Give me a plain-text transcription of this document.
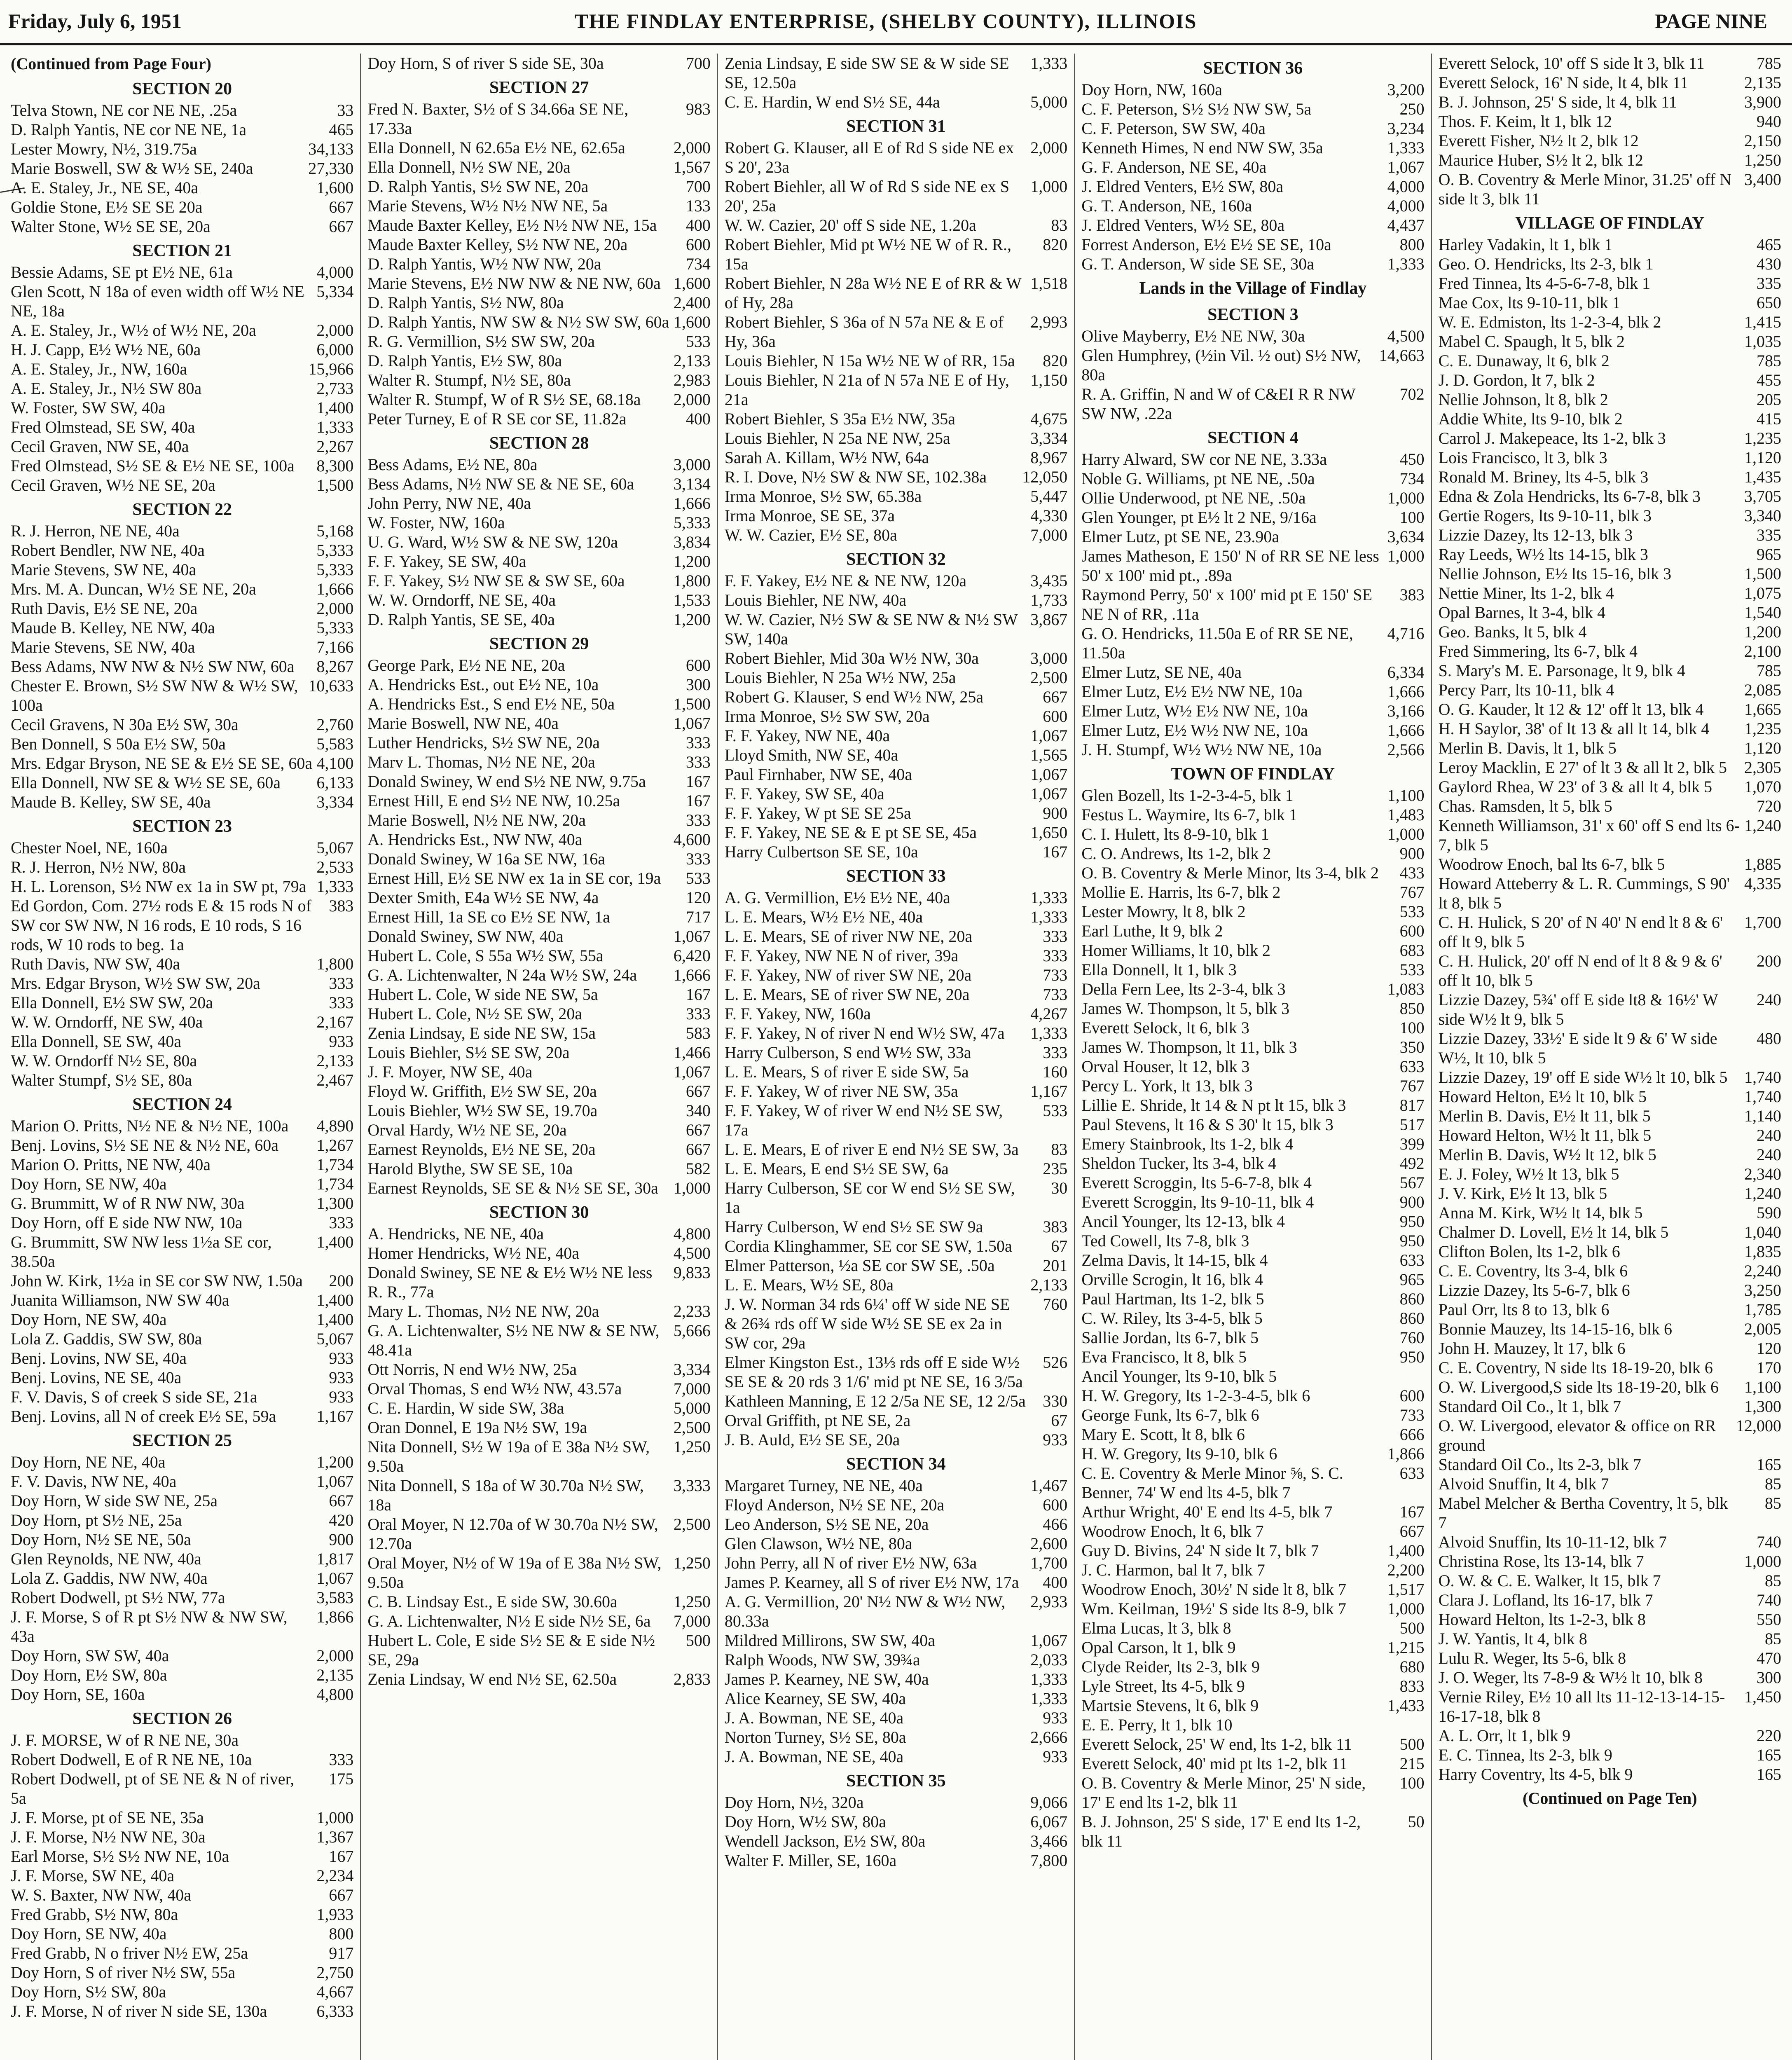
Friday, July 6, 1951	THE FINDLAY ENTERPRISE, (SHELBY COUNTY), ILLINOIS	PAGE NINE
(Continued from Page Four)
SECTION 20
Telva Stown, NE cor NE NE, .25a	33
D. Ralph Yantis, NE cor NE NE, 1a	465
Lester Mowry, N½, 319.75a	34,133
Marie Boswell, SW & W½ SE, 240a	27,330
A. E. Staley, Jr., NE SE, 40a	1,600
Goldie Stone, E½ SE SE 20a	667
Walter Stone, W½ SE SE, 20a	667
SECTION 21
Bessie Adams, SE pt E½ NE, 61a	4,000
Glen Scott, N 18a of even width off W½ NE NE, 18a
5,334
A. E. Staley, Jr., W½ of W½ NE, 20a	2,000
H. J. Capp, E½ W½ NE, 60a	6,000
A. E. Staley, Jr., NW, 160a	15,966
A. E. Staley, Jr., N½ SW 80a	2,733
W. Foster, SW SW, 40a	1,400
Fred Olmstead, SE SW, 40a	1,333
Cecil Graven, NW SE, 40a	2,267
Fred Olmstead, S½ SE & E½ NE SE, 100a	8,300
Cecil Graven, W½ NE SE, 20a	1,500
SECTION 22
R. J. Herron, NE NE, 40a	5,168
Robert Bendler, NW NE, 40a	5,333
Marie Stevens, SW NE, 40a	5,333
Mrs. M. A. Duncan, W½ SE NE, 20a	1,666
Ruth Davis, E½ SE NE, 20a	2,000
Maude B. Kelley, NE NW, 40a	5,333
Marie Stevens, SE NW, 40a	7,166
Bess Adams, NW NW & N½ SW NW, 60a	8,267
Chester E. Brown, S½ SW NW & W½ SW, 100a
10,633
Cecil Gravens, N 30a E½ SW, 30a	2,760
Ben Donnell, S 50a E½ SW, 50a	5,583
Mrs. Edgar Bryson, NE SE & E½ SE SE, 60a 4,100
Ella Donnell, NW SE & W½ SE SE, 60a	6,133
Maude B. Kelley, SW SE, 40a	3,334
SECTION 23
Chester Noel, NE, 160a	5,067
R. J. Herron, N½ NW, 80a	2,533
H. L. Lorenson, S½ NW ex 1a in SW pt, 79a 1,333
Ed Gordon, Com. 27½ rods E & 15 rods N of SW cor SW NW, N 16 rods, E 10 rods, S 16 rods, W 10 rods to beg. 1a
383
Ruth Davis, NW SW, 40a	1,800
Mrs. Edgar Bryson, W½ SW SW, 20a	333
Ella Donnell, E½ SW SW, 20a	333
W. W. Orndorff, NE SW, 40a	2,167
Ella Donnell, SE SW, 40a	933
W. W. Orndorff N½ SE, 80a	2,133
Walter Stumpf, S½ SE, 80a	2,467
SECTION 24
Marion O. Pritts, N½ NE & N½ NE, 100a	4,890
Benj. Lovins, S½ SE NE & N½ NE, 60a	1,267
Marion O. Pritts, NE NW, 40a	1,734
Doy Horn, SE NW, 40a	1,734
G. Brummitt, W of R NW NW, 30a	1,300
Doy Horn, off E side NW NW, 10a	333
G. Brummitt, SW NW less 1½a SE cor, 38.50a
1,400
John W. Kirk, 1½a in SE cor SW NW, 1.50a	200
Juanita Williamson, NW SW 40a	1,400
Doy Horn, NE SW, 40a	1,400
Lola Z. Gaddis, SW SW, 80a	5,067
Benj. Lovins, NW SE, 40a	933
Benj. Lovins, NE SE, 40a	933
F. V. Davis, S of creek S side SE, 21a	933
Benj. Lovins, all N of creek E½ SE, 59a	1,167
SECTION 25
Doy Horn, NE NE, 40a	1,200
F. V. Davis, NW NE, 40a	1,067
Doy Horn, W side SW NE, 25a	667
Doy Horn, pt S½ NE, 25a	420
Doy Horn, N½ SE NE, 50a	900
Glen Reynolds, NE NW, 40a	1,817
Lola Z. Gaddis, NW NW, 40a	1,067
Robert Dodwell, pt S½ NW, 77a	3,583
J. F. Morse, S of R pt S½ NW & NW SW, 43a
1,866
Doy Horn, SW SW, 40a	2,000
Doy Horn, E½ SW, 80a	2,135
Doy Horn, SE, 160a	4,800
SECTION 26
J. F. MORSE, W of R NE NE, 30a
Robert Dodwell, E of R NE NE, 10a	333
Robert Dodwell, pt of SE NE & N of river, 5a
175
J. F. Morse, pt of SE NE, 35a	1,000
J. F. Morse, N½ NW NE, 30a	1,367
Earl Morse, S½ S½ NW NE, 10a	167
J. F. Morse, SW NE, 40a	2,234
W. S. Baxter, NW NW, 40a	667
Fred Grabb, S½ NW, 80a	1,933
Doy Horn, SE NW, 40a	800
Fred Grabb, N o friver N½ EW, 25a	917
Doy Horn, S of river N½ SW, 55a	2,750
Doy Horn, S½ SW, 80a	4,667
J. F. Morse, N of river N side SE, 130a	6,333
Doy Horn, S of river S side SE, 30a	700
SECTION 27
Fred N. Baxter, S½ of S 34.66a SE NE, 17.33a
983
Ella Donnell, N 62.65a E½ NE, 62.65a	2,000
Ella Donnell, N½ SW NE, 20a	1,567
D. Ralph Yantis, S½ SW NE, 20a	700
Marie Stevens, W½ N½ NW NE, 5a	133
Maude Baxter Kelley, E½ N½ NW NE, 15a	400
Maude Baxter Kelley, S½ NW NE, 20a	600
D. Ralph Yantis, W½ NW NW, 20a	734
Marie Stevens, E½ NW NW & NE NW, 60a 1,600
D. Ralph Yantis, S½ NW, 80a	2,400
D. Ralph Yantis, NW SW & N½ SW SW, 60a 1,600
R. G. Vermillion, S½ SW SW, 20a	533
D. Ralph Yantis, E½ SW, 80a	2,133
Walter R. Stumpf, N½ SE, 80a	2,983
Walter R. Stumpf, W of R S½ SE, 68.18a	2,000
Peter Turney, E of R SE cor SE, 11.82a	400
SECTION 28
Bess Adams, E½ NE, 80a	3,000
Bess Adams, N½ NW SE & NE SE, 60a	3,134
John Perry, NW NE, 40a	1,666
W. Foster, NW, 160a	5,333
U. G. Ward, W½ SW & NE SW, 120a	3,834
F. F. Yakey, SE SW, 40a	1,200
F. F. Yakey, S½ NW SE & SW SE, 60a	1,800
W. W. Orndorff, NE SE, 40a	1,533
D. Ralph Yantis, SE SE, 40a	1,200
SECTION 29
George Park, E½ NE NE, 20a	600
A. Hendricks Est., out E½ NE, 10a	300
A. Hendricks Est., S end E½ NE, 50a	1,500
Marie Boswell, NW NE, 40a	1,067
Luther Hendricks, S½ SW NE, 20a	333
Marv L. Thomas, N½ NE NE, 20a	333
Donald Swiney, W end S½ NE NW, 9.75a	167
Ernest Hill, E end S½ NE NW, 10.25a	167
Marie Boswell, N½ NE NW, 20a	333
A. Hendricks Est., NW NW, 40a	4,600
Donald Swiney, W 16a SE NW, 16a	333
Ernest Hill, E½ SE NW ex 1a in SE cor, 19a	533
Dexter Smith, E4a W½ SE NW, 4a	120
Ernest Hill, 1a SE co E½ SE NW, 1a	717
Donald Swiney, SW NW, 40a	1,067
Hubert L. Cole, S 55a W½ SW, 55a	6,420
G. A. Lichtenwalter, N 24a W½ SW, 24a	1,666
Hubert L. Cole, W side NE SW, 5a	167
Hubert L. Cole, N½ SE SW, 20a	333
Zenia Lindsay, E side NE SW, 15a	583
Louis Biehler, S½ SE SW, 20a	1,466
J. F. Moyer, NW SE, 40a	1,067
Floyd W. Griffith, E½ SW SE, 20a	667
Louis Biehler, W½ SW SE, 19.70a	340
Orval Hardy, W½ NE SE, 20a	667
Earnest Reynolds, E½ NE SE, 20a	667
Harold Blythe, SW SE SE, 10a	582
Earnest Reynolds, SE SE & N½ SE SE, 30a 1,000
SECTION 30
A. Hendricks, NE NE, 40a	4,800
Homer Hendricks, W½ NE, 40a	4,500
Donald Swiney, SE NE & E½ W½ NE less R. R., 77a
9,833
Mary L. Thomas, N½ NE NW, 20a	2,233
G. A. Lichtenwalter, S½ NE NW & SE NW, 48.41a
5,666
Ott Norris, N end W½ NW, 25a	3,334
Orval Thomas, S end W½ NW, 43.57a	7,000
C. E. Hardin, W side SW, 38a	5,000
Oran Donnel, E 19a N½ SW, 19a	2,500
Nita Donnell, S½ W 19a of E 38a N½ SW, 9.50a
1,250
Nita Donnell, S 18a of W 30.70a N½ SW, 18a
3,333
Oral Moyer, N 12.70a of W 30.70a N½ SW, 12.70a
2,500
Oral Moyer, N½ of W 19a of E 38a N½ SW, 9.50a
1,250
C. B. Lindsay Est., E side SW, 30.60a	1,250
G. A. Lichtenwalter, N½ E side N½ SE, 6a	7,000
Hubert L. Cole, E side S½ SE & E side N½ SE, 29a
500
Zenia Lindsay, W end N½ SE, 62.50a	2,833
Zenia Lindsay, E side SW SE & W side SE SE, 12.50a
1,333
C. E. Hardin, W end S½ SE, 44a	5,000
SECTION 31
Robert G. Klauser, all E of Rd S side NE ex S 20', 23a
2,000
Robert Biehler, all W of Rd S side NE ex S 20', 25a
1,000
W. W. Cazier, 20' off S side NE, 1.20a	83
Robert Biehler, Mid pt W½ NE W of R. R., 15a
820
Robert Biehler, N 28a W½ NE E of RR & W of Hy, 28a
1,518
Robert Biehler, S 36a of N 57a NE & E of Hy, 36a
2,993
Louis Biehler, N 15a W½ NE W of RR, 15a	820
Louis Biehler, N 21a of N 57a NE E of Hy, 21a
1,150
Robert Biehler, S 35a E½ NW, 35a	4,675
Louis Biehler, N 25a NE NW, 25a	3,334
Sarah A. Killam, W½ NW, 64a	8,967
R. I. Dove, N½ SW & NW SE, 102.38a	12,050
Irma Monroe, S½ SW, 65.38a	5,447
Irma Monroe, SE SE, 37a	4,330
W. W. Cazier, E½ SE, 80a	7,000
SECTION 32
F. F. Yakey, E½ NE & NE NW, 120a	3,435
Louis Biehler, NE NW, 40a	1,733
W. W. Cazier, N½ SW & SE NW & N½ SW SW, 140a
3,867
Robert Biehler, Mid 30a W½ NW, 30a	3,000
Louis Biehler, N 25a W½ NW, 25a	2,500
Robert G. Klauser, S end W½ NW, 25a	667
Irma Monroe, S½ SW SW, 20a	600
F. F. Yakey, NW NE, 40a	1,067
Lloyd Smith, NW SE, 40a	1,565
Paul Firnhaber, NW SE, 40a	1,067
F. F. Yakey, SW SE, 40a	1,067
F. F. Yakey, W pt SE SE 25a	900
F. F. Yakey, NE SE & E pt SE SE, 45a	1,650
Harry Culbertson SE SE, 10a	167
SECTION 33
A. G. Vermillion, E½ E½ NE, 40a	1,333
L. E. Mears, W½ E½ NE, 40a	1,333
L. E. Mears, SE of river NW NE, 20a	333
F. F. Yakey, NW NE N of river, 39a	333
F. F. Yakey, NW of river SW NE, 20a	733
L. E. Mears, SE of river SW NE, 20a	733
F. F. Yakey, NW, 160a	4,267
F. F. Yakey, N of river N end W½ SW, 47a	1,333
Harry Culberson, S end W½ SW, 33a	333
L. E. Mears, S of river E side SW, 5a	160
F. F. Yakey, W of river NE SW, 35a	1,167
F. F. Yakey, W of river W end N½ SE SW, 17a
533
L. E. Mears, E of river E end N½ SE SW, 3a	83
L. E. Mears, E end S½ SE SW, 6a	235
Harry Culberson, SE cor W end S½ SE SW, 1a
30
Harry Culberson, W end S½ SE SW 9a	383
Cordia Klinghammer, SE cor SE SW, 1.50a	67
Elmer Patterson, ½a SE cor SW SE, .50a	201
L. E. Mears, W½ SE, 80a	2,133
J. W. Norman 34 rds 6¼' off W side NE SE & 26¾ rds off W side W½ SE SE ex 2a in SW cor, 29a
760
Elmer Kingston Est., 13⅓ rds off E side W½ SE SE & 20 rds 3 1/6' mid pt NE SE, 16 3/5a
526
Kathleen Manning, E 12 2/5a NE SE, 12 2/5a	330
Orval Griffith, pt NE SE, 2a	67
J. B. Auld, E½ SE SE, 20a	933
SECTION 34
Margaret Turney, NE NE, 40a	1,467
Floyd Anderson, N½ SE NE, 20a	600
Leo Anderson, S½ SE NE, 20a	466
Glen Clawson, W½ NE, 80a	2,600
John Perry, all N of river E½ NW, 63a	1,700
James P. Kearney, all S of river E½ NW, 17a	400
A. G. Vermillion, 20' N½ NW & W½ NW, 80.33a
2,933
Mildred Millirons, SW SW, 40a	1,067
Ralph Woods, NW SW, 39¾a	2,033
James P. Kearney, NE SW, 40a	1,333
Alice Kearney, SE SW, 40a	1,333
J. A. Bowman, NE SE, 40a	933
Norton Turney, S½ SE, 80a	2,666
J. A. Bowman, NE SE, 40a	933
SECTION 35
Doy Horn, N½, 320a	9,066
Doy Horn, W½ SW, 80a	6,067
Wendell Jackson, E½ SW, 80a	3,466
Walter F. Miller, SE, 160a	7,800
SECTION 36
Doy Horn, NW, 160a	3,200
C. F. Peterson, S½ S½ NW SW, 5a	250
C. F. Peterson, SW SW, 40a	3,234
Kenneth Himes, N end NW SW, 35a	1,333
G. F. Anderson, NE SE, 40a	1,067
J. Eldred Venters, E½ SW, 80a	4,000
G. T. Anderson, NE, 160a	4,000
J. Eldred Venters, W½ SE, 80a	4,437
Forrest Anderson, E½ E½ SE SE, 10a	800
G. T. Anderson, W side SE SE, 30a	1,333
Lands in the Village of Findlay
SECTION 3
Olive Mayberry, E½ NE NW, 30a	4,500
Glen Humphrey, (½in Vil. ½ out) S½ NW, 80a
14,663
R. A. Griffin, N and W of C&EI R R NW SW NW, .22a
702
SECTION 4
Harry Alward, SW cor NE NE, 3.33a	450
Noble G. Williams, pt NE NE, .50a	734
Ollie Underwood, pt NE NE, .50a	1,000
Glen Younger, pt E½ lt 2 NE, 9/16a	100
Elmer Lutz, pt SE NE, 23.90a	3,634
James Matheson, E 150' N of RR SE NE less 50' x 100' mid pt., .89a
1,000
Raymond Perry, 50' x 100' mid pt E 150' SE NE N of RR, .11a
383
G. O. Hendricks, 11.50a E of RR SE NE, 11.50a
4,716
Elmer Lutz, SE NE, 40a	6,334
Elmer Lutz, E½ E½ NW NE, 10a	1,666
Elmer Lutz, W½ E½ NW NE, 10a	3,166
Elmer Lutz, E½ W½ NW NE, 10a	1,666
J. H. Stumpf, W½ W½ NW NE, 10a	2,566
TOWN OF FINDLAY
Glen Bozell, lts 1-2-3-4-5, blk 1	1,100
Festus L. Waymire, lts 6-7, blk 1	1,483
C. I. Hulett, lts 8-9-10, blk 1	1,000
C. O. Andrews, lts 1-2, blk 2	900
O. B. Coventry & Merle Minor, lts 3-4, blk 2	433
Mollie E. Harris, lts 6-7, blk 2	767
Lester Mowry, lt 8, blk 2	533
Earl Luthe, lt 9, blk 2	600
Homer Williams, lt 10, blk 2	683
Ella Donnell, lt 1, blk 3	533
Della Fern Lee, lts 2-3-4, blk 3	1,083
James W. Thompson, lt 5, blk 3	850
Everett Selock, lt 6, blk 3	100
James W. Thompson, lt 11, blk 3	350
Orval Houser, lt 12, blk 3	633
Percy L. York, lt 13, blk 3	767
Lillie E. Shride, lt 14 & N pt lt 15, blk 3	817
Paul Stevens, lt 16 & S 30' lt 15, blk 3	517
Emery Stainbrook, lts 1-2, blk 4	399
Sheldon Tucker, lts 3-4, blk 4	492
Everett Scroggin, lts 5-6-7-8, blk 4	567
Everett Scroggin, lts 9-10-11, blk 4	900
Ancil Younger, lts 12-13, blk 4	950
Ted Cowell, lts 7-8, blk 3	950
Zelma Davis, lt 14-15, blk 4	633
Orville Scrogin, lt 16, blk 4	965
Paul Hartman, lts 1-2, blk 5	860
C. W. Riley, lts 3-4-5, blk 5	860
Sallie Jordan, lts 6-7, blk 5	760
Eva Francisco, lt 8, blk 5	950
Ancil Younger, lts 9-10, blk 5
H. W. Gregory, lts 1-2-3-4-5, blk 6	600
George Funk, lts 6-7, blk 6	733
Mary E. Scott, lt 8, blk 6	666
H. W. Gregory, lts 9-10, blk 6	1,866
C. E. Coventry & Merle Minor ⅝, S. C. Benner, 74' W end lts 4-5, blk 7
633
Arthur Wright, 40' E end lts 4-5, blk 7	167
Woodrow Enoch, lt 6, blk 7	667
Guy D. Bivins, 24' N side lt 7, blk 7	1,400
J. C. Harmon, bal lt 7, blk 7	2,200
Woodrow Enoch, 30½' N side lt 8, blk 7	1,517
Wm. Keilman, 19½' S side lts 8-9, blk 7	1,000
Elma Lucas, lt 3, blk 8	500
Opal Carson, lt 1, blk 9	1,215
Clyde Reider, lts 2-3, blk 9	680
Lyle Street, lts 4-5, blk 9	833
Martsie Stevens, lt 6, blk 9	1,433
E. E. Perry, lt 1, blk 10
Everett Selock, 25' W end, lts 1-2, blk 11	500
Everett Selock, 40' mid pt lts 1-2, blk 11	215
O. B. Coventry & Merle Minor, 25' N side, 17' E end lts 1-2, blk 11
100
B. J. Johnson, 25' S side, 17' E end lts 1-2, blk 11
50
Everett Selock, 10' off S side lt 3, blk 11	785
Everett Selock, 16' N side, lt 4, blk 11	2,135
B. J. Johnson, 25' S side, lt 4, blk 11	3,900
Thos. F. Keim, lt 1, blk 12	940
Everett Fisher, N½ lt 2, blk 12	2,150
Maurice Huber, S½ lt 2, blk 12	1,250
O. B. Coventry & Merle Minor, 31.25' off N side lt 3, blk 11
3,400
VILLAGE OF FINDLAY
Harley Vadakin, lt 1, blk 1	465
Geo. O. Hendricks, lts 2-3, blk 1	430
Fred Tinnea, lts 4-5-6-7-8, blk 1	335
Mae Cox, lts 9-10-11, blk 1	650
W. E. Edmiston, lts 1-2-3-4, blk 2	1,415
Mabel C. Spaugh, lt 5, blk 2	1,035
C. E. Dunaway, lt 6, blk 2	785
J. D. Gordon, lt 7, blk 2	455
Nellie Johnson, lt 8, blk 2	205
Addie White, lts 9-10, blk 2	415
Carrol J. Makepeace, lts 1-2, blk 3	1,235
Lois Francisco, lt 3, blk 3	1,120
Ronald M. Briney, lts 4-5, blk 3	1,435
Edna & Zola Hendricks, lts 6-7-8, blk 3	3,705
Gertie Rogers, lts 9-10-11, blk 3	3,340
Lizzie Dazey, lts 12-13, blk 3	335
Ray Leeds, W½ lts 14-15, blk 3	965
Nellie Johnson, E½ lts 15-16, blk 3	1,500
Nettie Miner, lts 1-2, blk 4	1,075
Opal Barnes, lt 3-4, blk 4	1,540
Geo. Banks, lt 5, blk 4	1,200
Fred Simmering, lts 6-7, blk 4	2,100
S. Mary's M. E. Parsonage, lt 9, blk 4	785
Percy Parr, lts 10-11, blk 4	2,085
O. G. Kauder, lt 12 & 12' off lt 13, blk 4	1,665
H. H Saylor, 38' of lt 13 & all lt 14, blk 4	1,235
Merlin B. Davis, lt 1, blk 5	1,120
Leroy Macklin, E 27' of lt 3 & all lt 2, blk 5	2,305
Gaylord Rhea, W 23' of 3 & all lt 4, blk 5	1,070
Chas. Ramsden, lt 5, blk 5	720
Kenneth Williamson, 31' x 60' off S end lts 6-7, blk 5
1,240
Woodrow Enoch, bal lts 6-7, blk 5	1,885
Howard Atteberry & L. R. Cummings, S 90' lt 8, blk 5
4,335
C. H. Hulick, S 20' of N 40' N end lt 8 & 6' off lt 9, blk 5
1,700
C. H. Hulick, 20' off N end of lt 8 & 9 & 6' off lt 10, blk 5
200
Lizzie Dazey, 5¾' off E side lt8 & 16½' W side W½ lt 9, blk 5
240
Lizzie Dazey, 33½' E side lt 9 & 6' W side W½, lt 10, blk 5
480
Lizzie Dazey, 19' off E side W½ lt 10, blk 5	1,740
Howard Helton, E½ lt 10, blk 5	1,740
Merlin B. Davis, E½ lt 11, blk 5	1,140
Howard Helton, W½ lt 11, blk 5	240
Merlin B. Davis, W½ lt 12, blk 5	240
E. J. Foley, W½ lt 13, blk 5	2,340
J. V. Kirk, E½ lt 13, blk 5	1,240
Anna M. Kirk, W½ lt 14, blk 5	590
Chalmer D. Lovell, E½ lt 14, blk 5	1,040
Clifton Bolen, lts 1-2, blk 6	1,835
C. E. Coventry, lts 3-4, blk 6	2,240
Lizzie Dazey, lts 5-6-7, blk 6	3,250
Paul Orr, lts 8 to 13, blk 6	1,785
Bonnie Mauzey, lts 14-15-16, blk 6	2,005
John H. Mauzey, lt 17, blk 6	120
C. E. Coventry, N side lts 18-19-20, blk 6	170
O. W. Livergood,S side lts 18-19-20, blk 6	1,100
Standard Oil Co., lt 1, blk 7	1,300
O. W. Livergood, elevator & office on RR ground
12,000
Standard Oil Co., lts 2-3, blk 7	165
Alvoid Snuffin, lt 4, blk 7	85
Mabel Melcher & Bertha Coventry, lt 5, blk 7
85
Alvoid Snuffin, lts 10-11-12, blk 7	740
Christina Rose, lts 13-14, blk 7	1,000
O. W. & C. E. Walker, lt 15, blk 7	85
Clara J. Lofland, lts 16-17, blk 7	740
Howard Helton, lts 1-2-3, blk 8	550
J. W. Yantis, lt 4, blk 8	85
Lulu R. Weger, lts 5-6, blk 8	470
J. O. Weger, lts 7-8-9 & W½ lt 10, blk 8	300
Vernie Riley, E½ 10 all lts 11-12-13-14-15-16-17-18, blk 8
1,450
A. L. Orr, lt 1, blk 9	220
E. C. Tinnea, lts 2-3, blk 9	165
Harry Coventry, lts 4-5, blk 9	165
(Continued on Page Ten)
